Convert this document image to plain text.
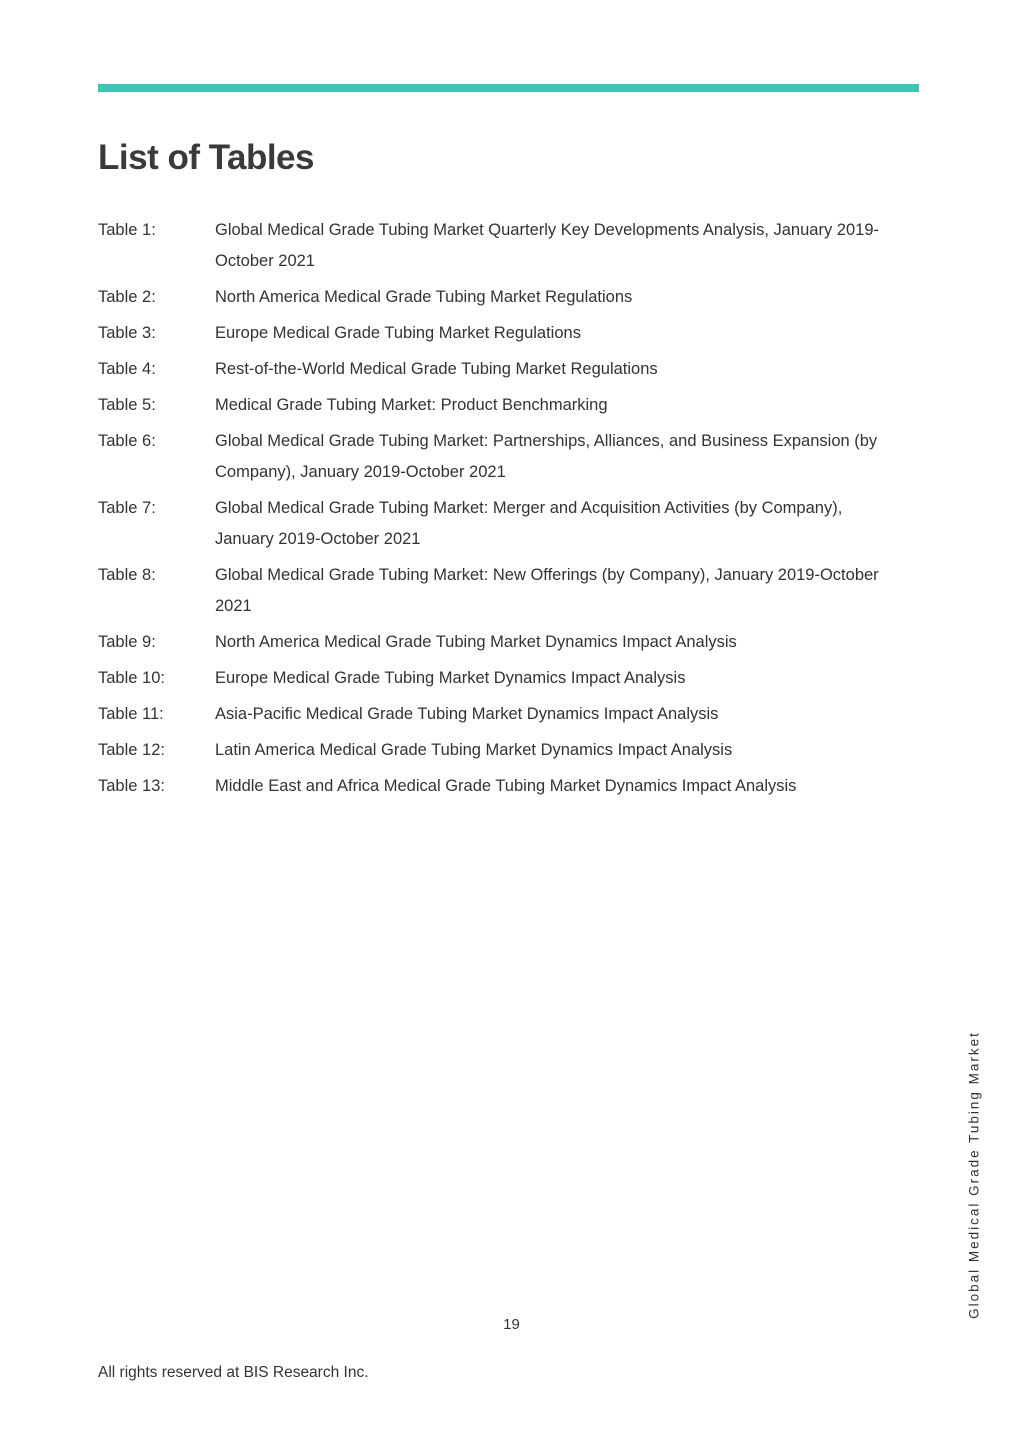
List of Tables
Table 1:	Global Medical Grade Tubing Market Quarterly Key Developments Analysis, January 2019-October 2021
Table 2:	North America Medical Grade Tubing Market Regulations
Table 3:	Europe Medical Grade Tubing Market Regulations
Table 4:	Rest-of-the-World Medical Grade Tubing Market Regulations
Table 5:	Medical Grade Tubing Market: Product Benchmarking
Table 6:	Global Medical Grade Tubing Market: Partnerships, Alliances, and Business Expansion (by Company), January 2019-October 2021
Table 7:	Global Medical Grade Tubing Market: Merger and Acquisition Activities (by Company), January 2019-October 2021
Table 8:	Global Medical Grade Tubing Market: New Offerings (by Company), January 2019-October 2021
Table 9:	North America Medical Grade Tubing Market Dynamics Impact Analysis
Table 10:	Europe Medical Grade Tubing Market Dynamics Impact Analysis
Table 11:	Asia-Pacific Medical Grade Tubing Market Dynamics Impact Analysis
Table 12:	Latin America Medical Grade Tubing Market Dynamics Impact Analysis
Table 13:	Middle East and Africa Medical Grade Tubing Market Dynamics Impact Analysis
Global Medical Grade Tubing Market
19
All rights reserved at BIS Research Inc.
